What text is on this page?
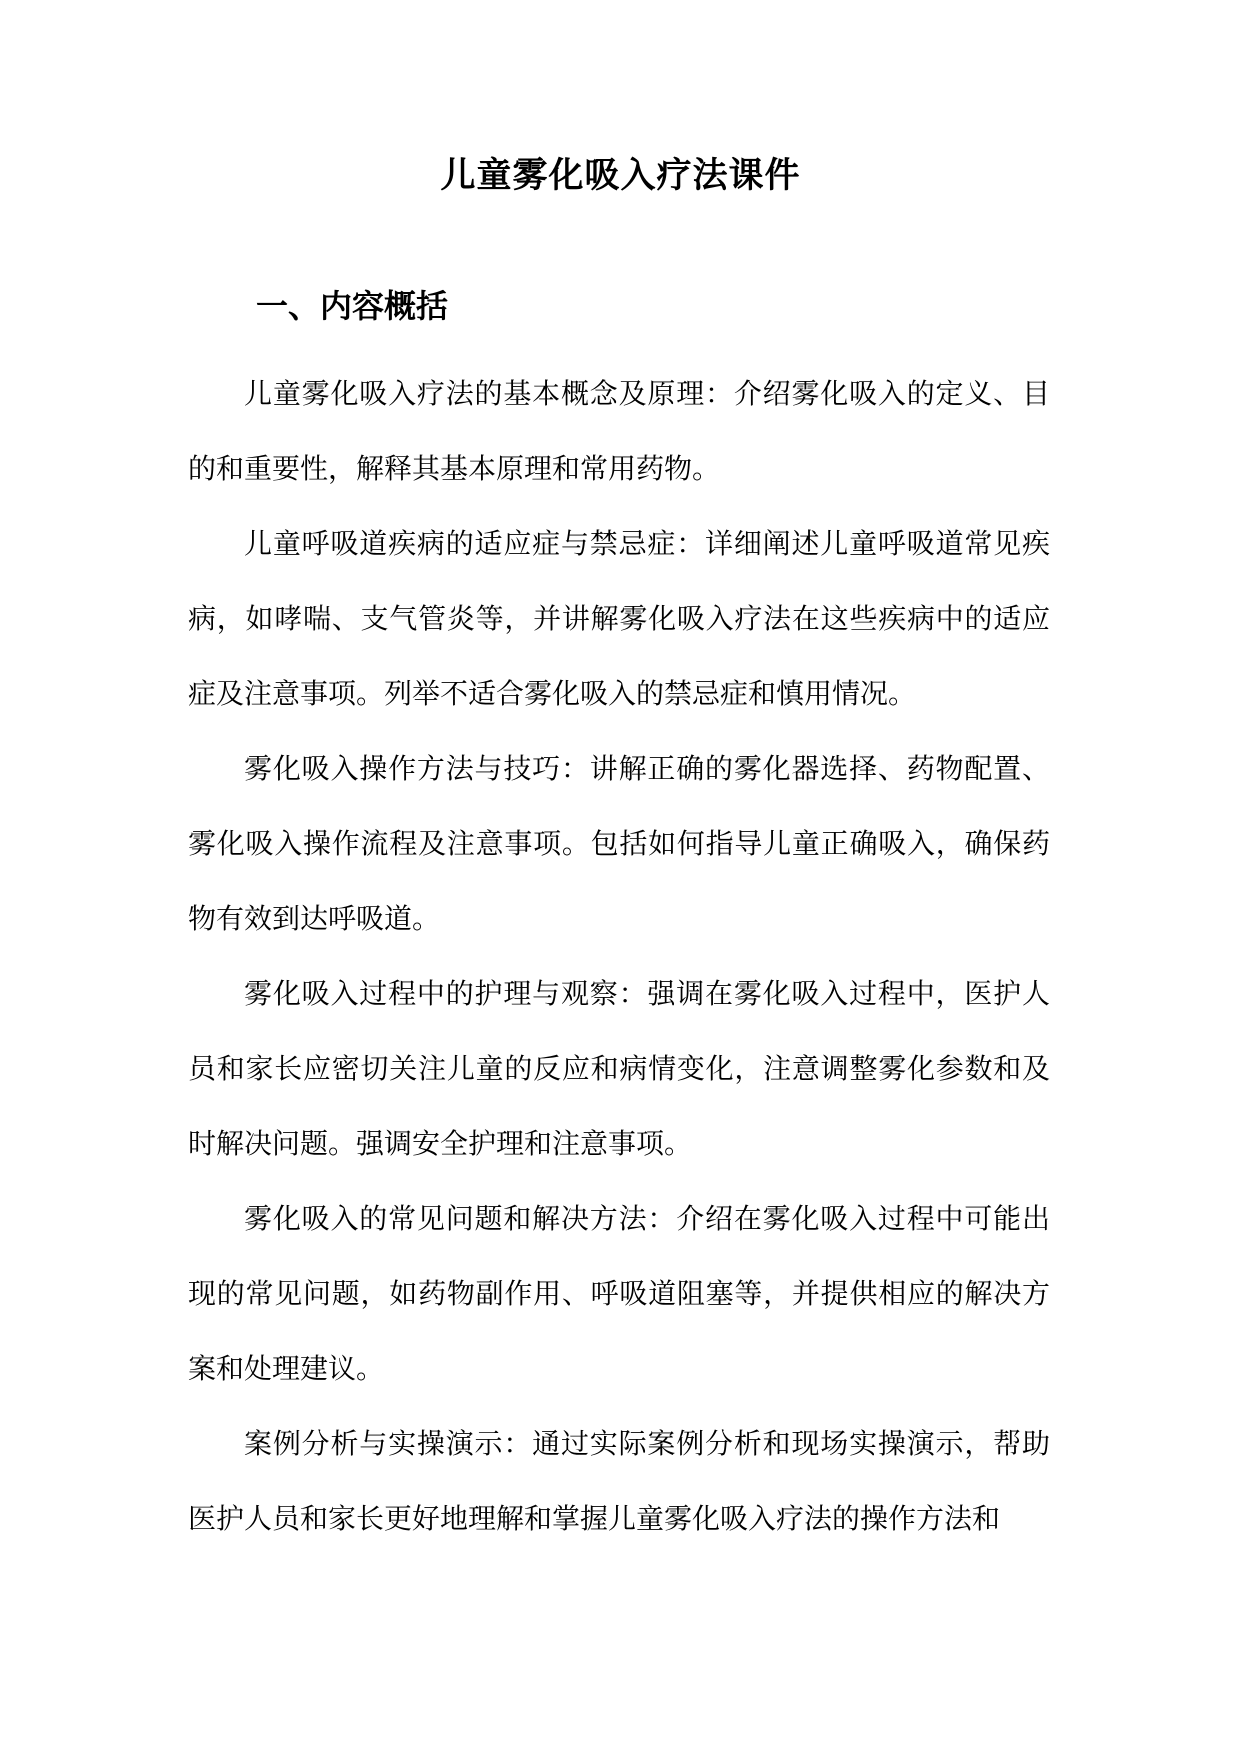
儿童雾化吸入疗法课件
一、内容概括

儿童雾化吸入疗法的基本概念及原理：介绍雾化吸入的定义、目的和重要性，解释其基本原理和常用药物。

儿童呼吸道疾病的适应症与禁忌症：详细阐述儿童呼吸道常见疾病，如哮喘、支气管炎等，并讲解雾化吸入疗法在这些疾病中的适应症及注意事项。列举不适合雾化吸入的禁忌症和慎用情况。

雾化吸入操作方法与技巧：讲解正确的雾化器选择、药物配置、雾化吸入操作流程及注意事项。包括如何指导儿童正确吸入，确保药物有效到达呼吸道。

雾化吸入过程中的护理与观察：强调在雾化吸入过程中，医护人员和家长应密切关注儿童的反应和病情变化，注意调整雾化参数和及时解决问题。强调安全护理和注意事项。

雾化吸入的常见问题和解决方法：介绍在雾化吸入过程中可能出现的常见问题，如药物副作用、呼吸道阻塞等，并提供相应的解决方案和处理建议。

案例分析与实操演示：通过实际案例分析和现场实操演示，帮助医护人员和家长更好地理解和掌握儿童雾化吸入疗法的操作方法和
